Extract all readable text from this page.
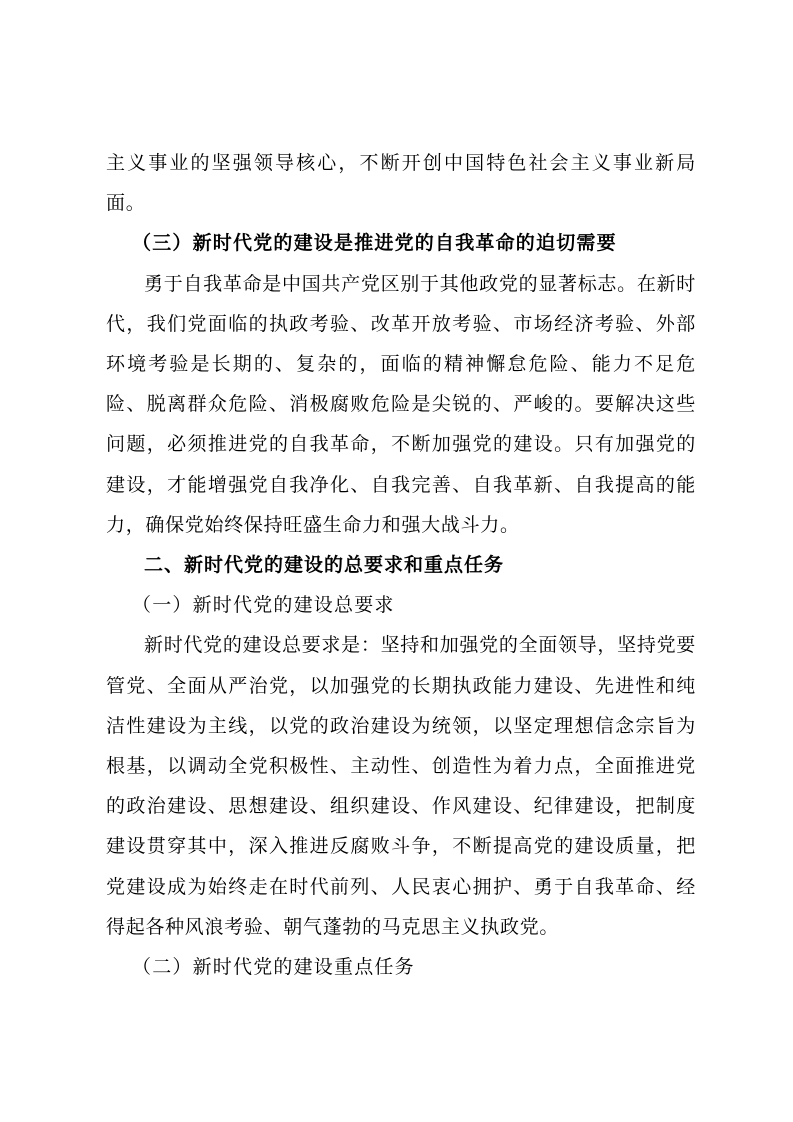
主义事业的坚强领导核心，不断开创中国特色社会主义事业新局面。

（三）新时代党的建设是推进党的自我革命的迫切需要

勇于自我革命是中国共产党区别于其他政党的显著标志。在新时代，我们党面临的执政考验、改革开放考验、市场经济考验、外部环境考验是长期的、复杂的，面临的精神懈怠危险、能力不足危险、脱离群众危险、消极腐败危险是尖锐的、严峻的。要解决这些问题，必须推进党的自我革命，不断加强党的建设。只有加强党的建设，才能增强党自我净化、自我完善、自我革新、自我提高的能力，确保党始终保持旺盛生命力和强大战斗力。

二、新时代党的建设的总要求和重点任务

（一）新时代党的建设总要求

新时代党的建设总要求是：坚持和加强党的全面领导，坚持党要管党、全面从严治党，以加强党的长期执政能力建设、先进性和纯洁性建设为主线，以党的政治建设为统领，以坚定理想信念宗旨为根基，以调动全党积极性、主动性、创造性为着力点，全面推进党的政治建设、思想建设、组织建设、作风建设、纪律建设，把制度建设贯穿其中，深入推进反腐败斗争，不断提高党的建设质量，把党建设成为始终走在时代前列、人民衷心拥护、勇于自我革命、经得起各种风浪考验、朝气蓬勃的马克思主义执政党。

（二）新时代党的建设重点任务
